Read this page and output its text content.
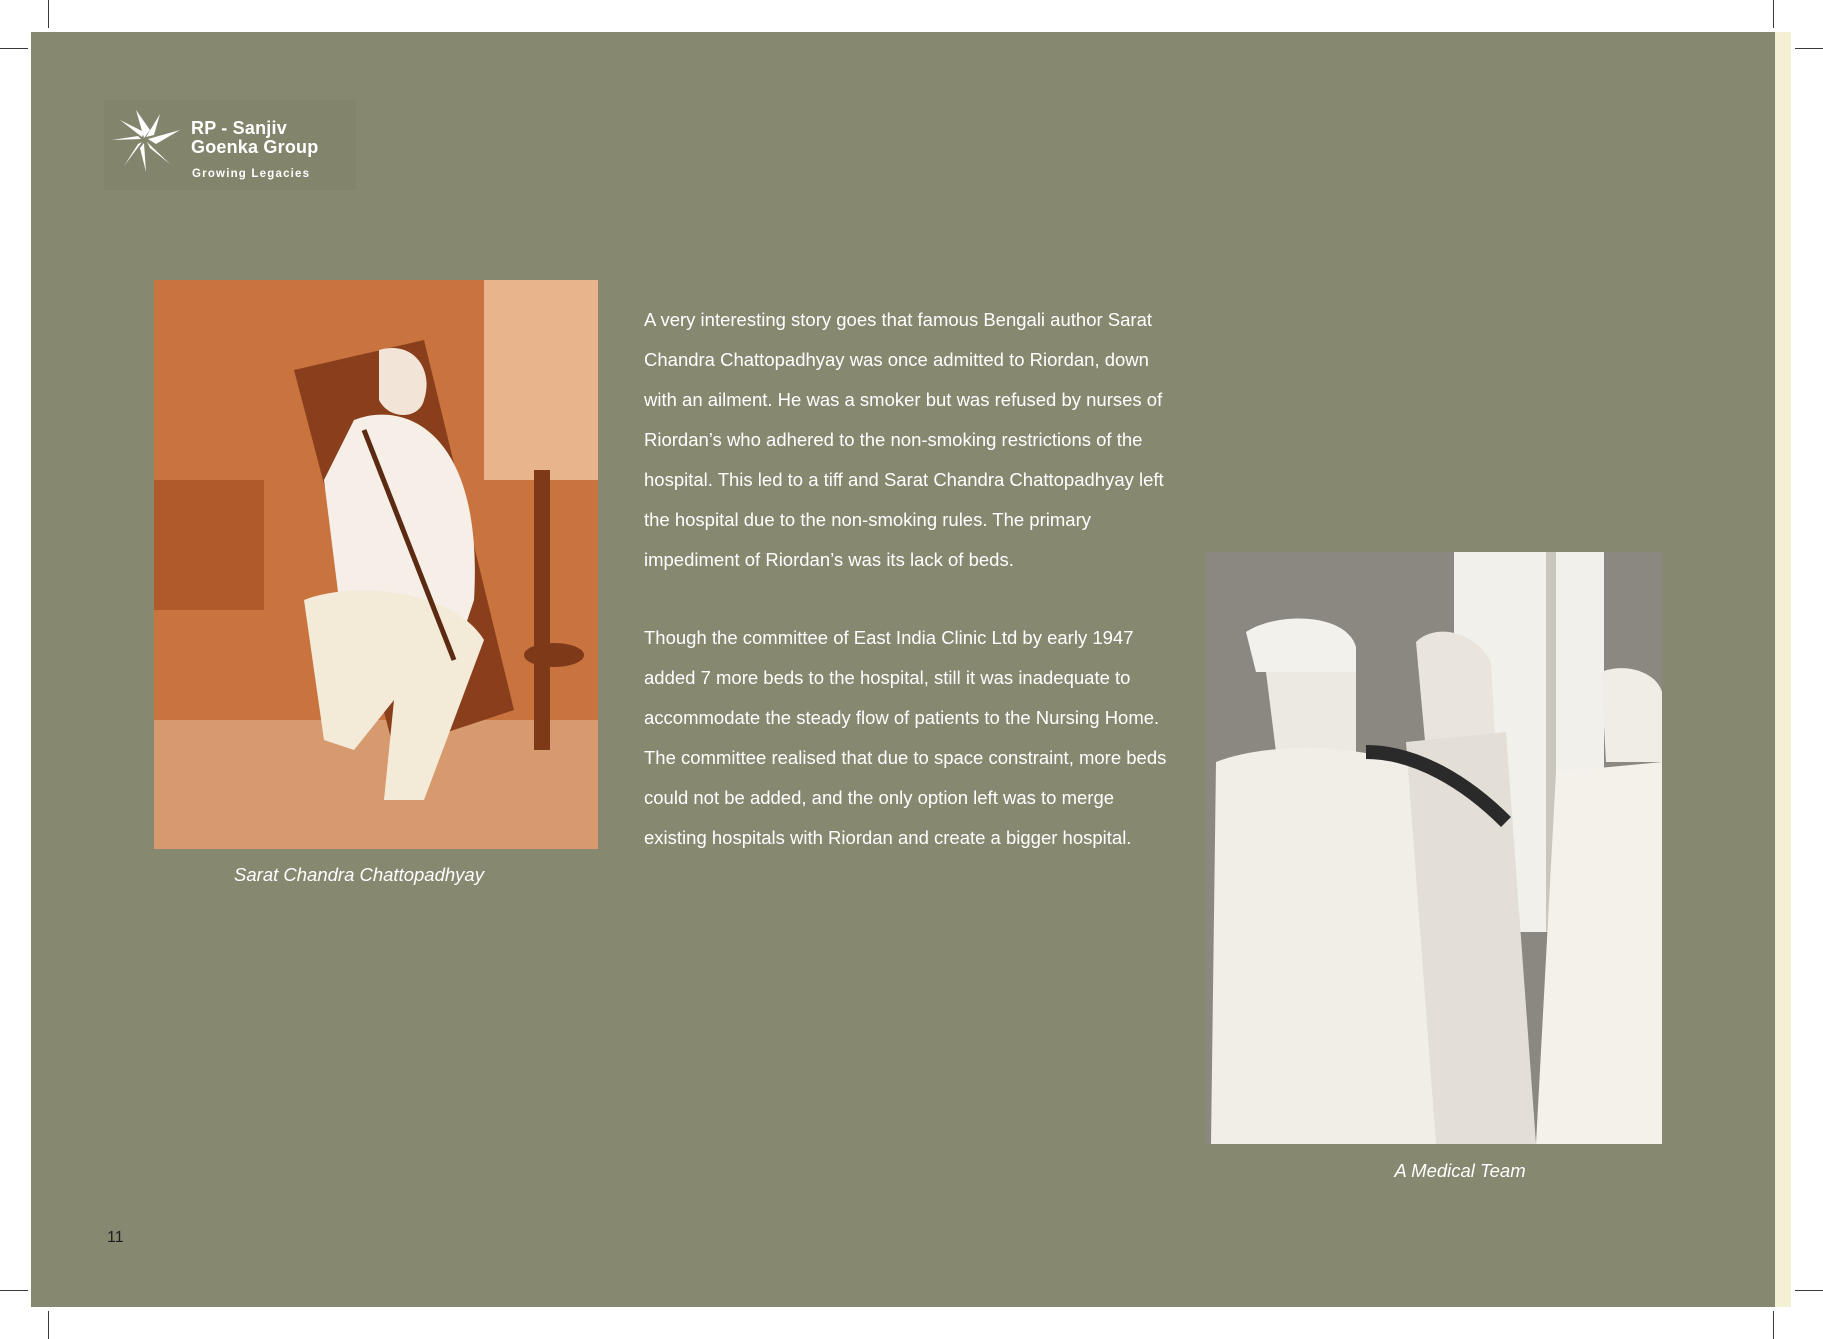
RP - Sanjiv Goenka Group
Growing Legacies
Sarat Chandra Chattopadhyay

A very interesting story goes that famous Bengali author Sarat Chandra Chattopadhyay was once admitted to Riordan, down with an ailment. He was a smoker but was refused by nurses of Riordan’s who adhered to the non-smoking restrictions of the hospital. This led to a tiff and Sarat Chandra Chattopadhyay left the hospital due to the non-smoking rules. The primary impediment of Riordan’s was its lack of beds.

Though the committee of East India Clinic Ltd by early 1947 added 7 more beds to the hospital, still it was inadequate to accommodate the steady flow of patients to the Nursing Home. The committee realised that due to space constraint, more beds could not be added, and the only option left was to merge existing hospitals with Riordan and create a bigger hospital.

A Medical Team
11
